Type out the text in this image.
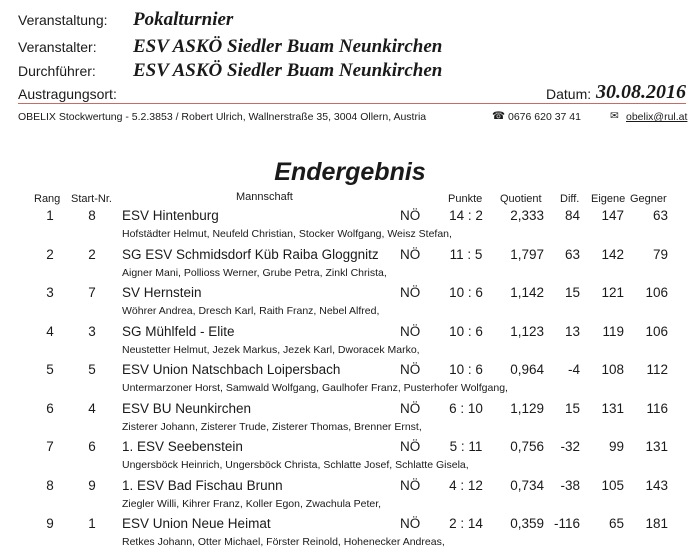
Veranstaltung: Pokalturnier
Veranstalter: ESV ASKÖ Siedler Buam Neunkirchen
Durchführer: ESV ASKÖ Siedler Buam Neunkirchen
Austragungsort:	Datum: 30.08.2016
OBELIX Stockwertung - 5.2.3853 / Robert Ulrich, Wallnerstraße 35, 3004 Ollern, Austria	☎ 0676 620 37 41	✉ obelix@rul.at
Endergebnis
Rang Start-Nr.	Mannschaft	Punkte Quotient Diff. Eigene Gegner
1	8	ESV Hintenburg	NÖ	14 : 2	2,333	84	147	63
Hofstädter Helmut, Neufeld Christian, Stocker Wolfgang, Weisz Stefan,
2	2	SG ESV Schmidsdorf Küb Raiba Gloggnitz NÖ	11 : 5	1,797	63	142	79
Aigner Mani, Pollioss Werner, Grube Petra, Zinkl Christa,
3	7	SV Hernstein	NÖ	10 : 6	1,142	15	121	106
Wöhrer Andrea, Dresch Karl, Raith Franz, Nebel Alfred,
4	3	SG Mühlfeld - Elite	NÖ	10 : 6	1,123	13	119	106
Neustetter Helmut, Jezek Markus, Jezek Karl, Dworacek Marko,
5	5	ESV Union Natschbach Loipersbach	NÖ	10 : 6	0,964	-4	108	112
Untermarzoner Horst, Samwald Wolfgang, Gaulhofer Franz, Pusterhofer Wolfgang,
6	4	ESV BU Neunkirchen	NÖ	6 : 10	1,129	15	131	116
Zisterer Johann, Zisterer Trude, Zisterer Thomas, Brenner Ernst,
7	6	1. ESV Seebenstein	NÖ	5 : 11	0,756	-32	99	131
Ungersböck Heinrich, Ungersböck Christa, Schlatte Josef, Schlatte Gisela,
8	9	1. ESV Bad Fischau Brunn	NÖ	4 : 12	0,734	-38	105	143
Ziegler Willi, Kihrer Franz, Koller Egon, Zwachula Peter,
9	1	ESV Union Neue Heimat	NÖ	2 : 14	0,359 -116	65	181
Retkes Johann, Otter Michael, Förster Reinold, Hohenecker Andreas,
